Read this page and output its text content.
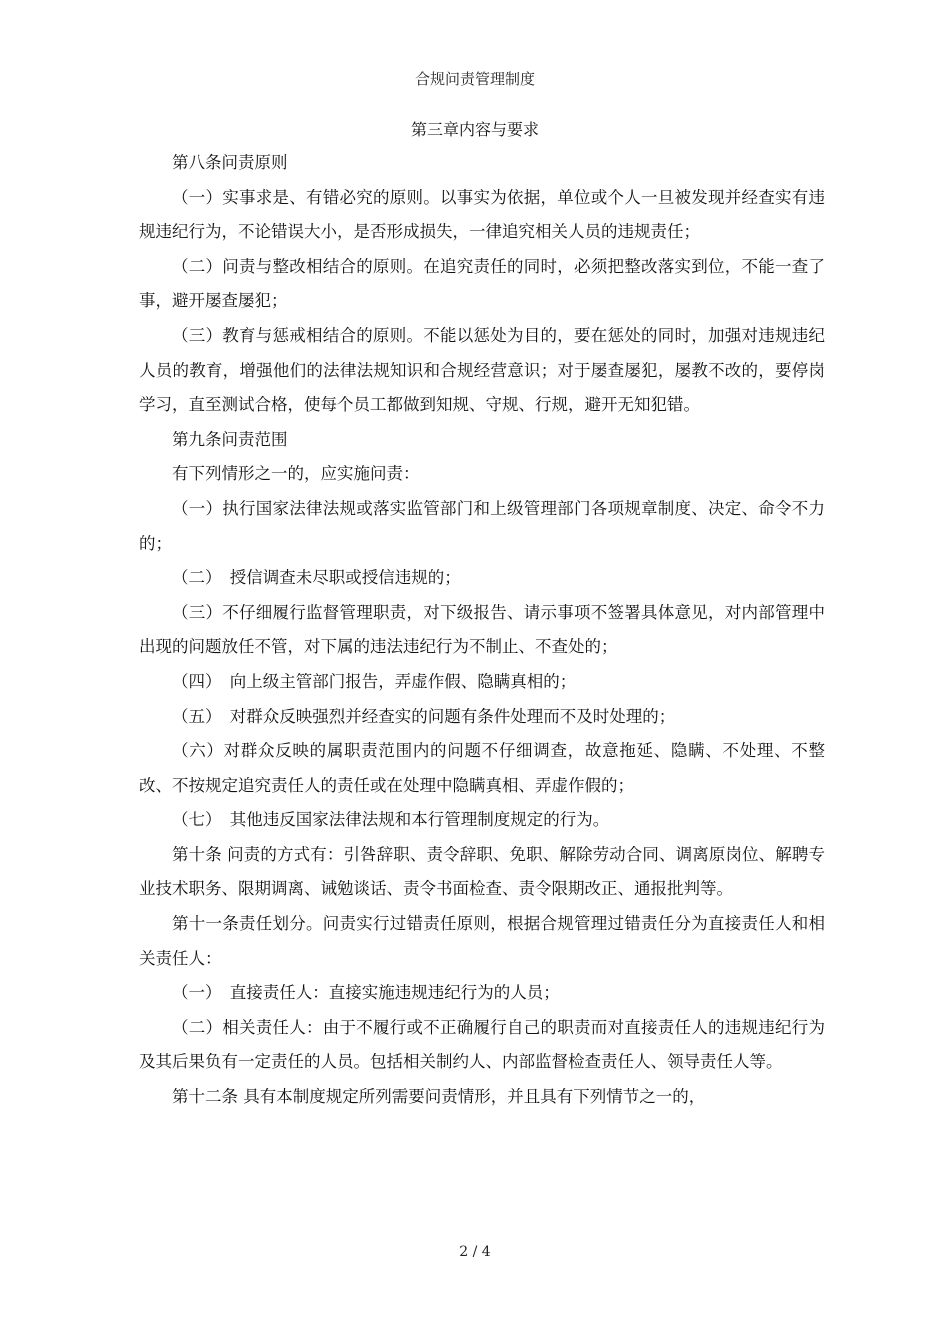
合规问责管理制度
第三章内容与要求

第八条问责原则

（一）实事求是、有错必究的原则。以事实为依据，单位或个人一旦被发现并经查实有违规违纪行为，不论错误大小，是否形成损失，一律追究相关人员的违规责任；

（二）问责与整改相结合的原则。在追究责任的同时，必须把整改落实到位，不能一查了事，避开屡查屡犯；

（三）教育与惩戒相结合的原则。不能以惩处为目的，要在惩处的同时，加强对违规违纪人员的教育，增强他们的法律法规知识和合规经营意识；对于屡查屡犯，屡教不改的，要停岗学习，直至测试合格，使每个员工都做到知规、守规、行规，避开无知犯错。

第九条问责范围

有下列情形之一的，应实施问责：

（一）执行国家法律法规或落实监管部门和上级管理部门各项规章制度、决定、命令不力的；

（二）　授信调查未尽职或授信违规的；

（三）不仔细履行监督管理职责，对下级报告、请示事项不签署具体意见，对内部管理中出现的问题放任不管，对下属的违法违纪行为不制止、不查处的；

（四）　向上级主管部门报告，弄虚作假、隐瞒真相的；

（五）　对群众反映强烈并经查实的问题有条件处理而不及时处理的；

（六）对群众反映的属职责范围内的问题不仔细调查，故意拖延、隐瞒、不处理、不整改、不按规定追究责任人的责任或在处理中隐瞒真相、弄虚作假的；

（七）　其他违反国家法律法规和本行管理制度规定的行为。

第十条 问责的方式有：引咎辞职、责令辞职、免职、解除劳动合同、调离原岗位、解聘专业技术职务、限期调离、诫勉谈话、责令书面检查、责令限期改正、通报批判等。

第十一条责任划分。问责实行过错责任原则，根据合规管理过错责任分为直接责任人和相关责任人：

（一）　直接责任人：直接实施违规违纪行为的人员；

（二）相关责任人：由于不履行或不正确履行自己的职责而对直接责任人的违规违纪行为及其后果负有一定责任的人员。包括相关制约人、内部监督检查责任人、领导责任人等。

第十二条 具有本制度规定所列需要问责情形，并且具有下列情节之一的，

2 / 4
